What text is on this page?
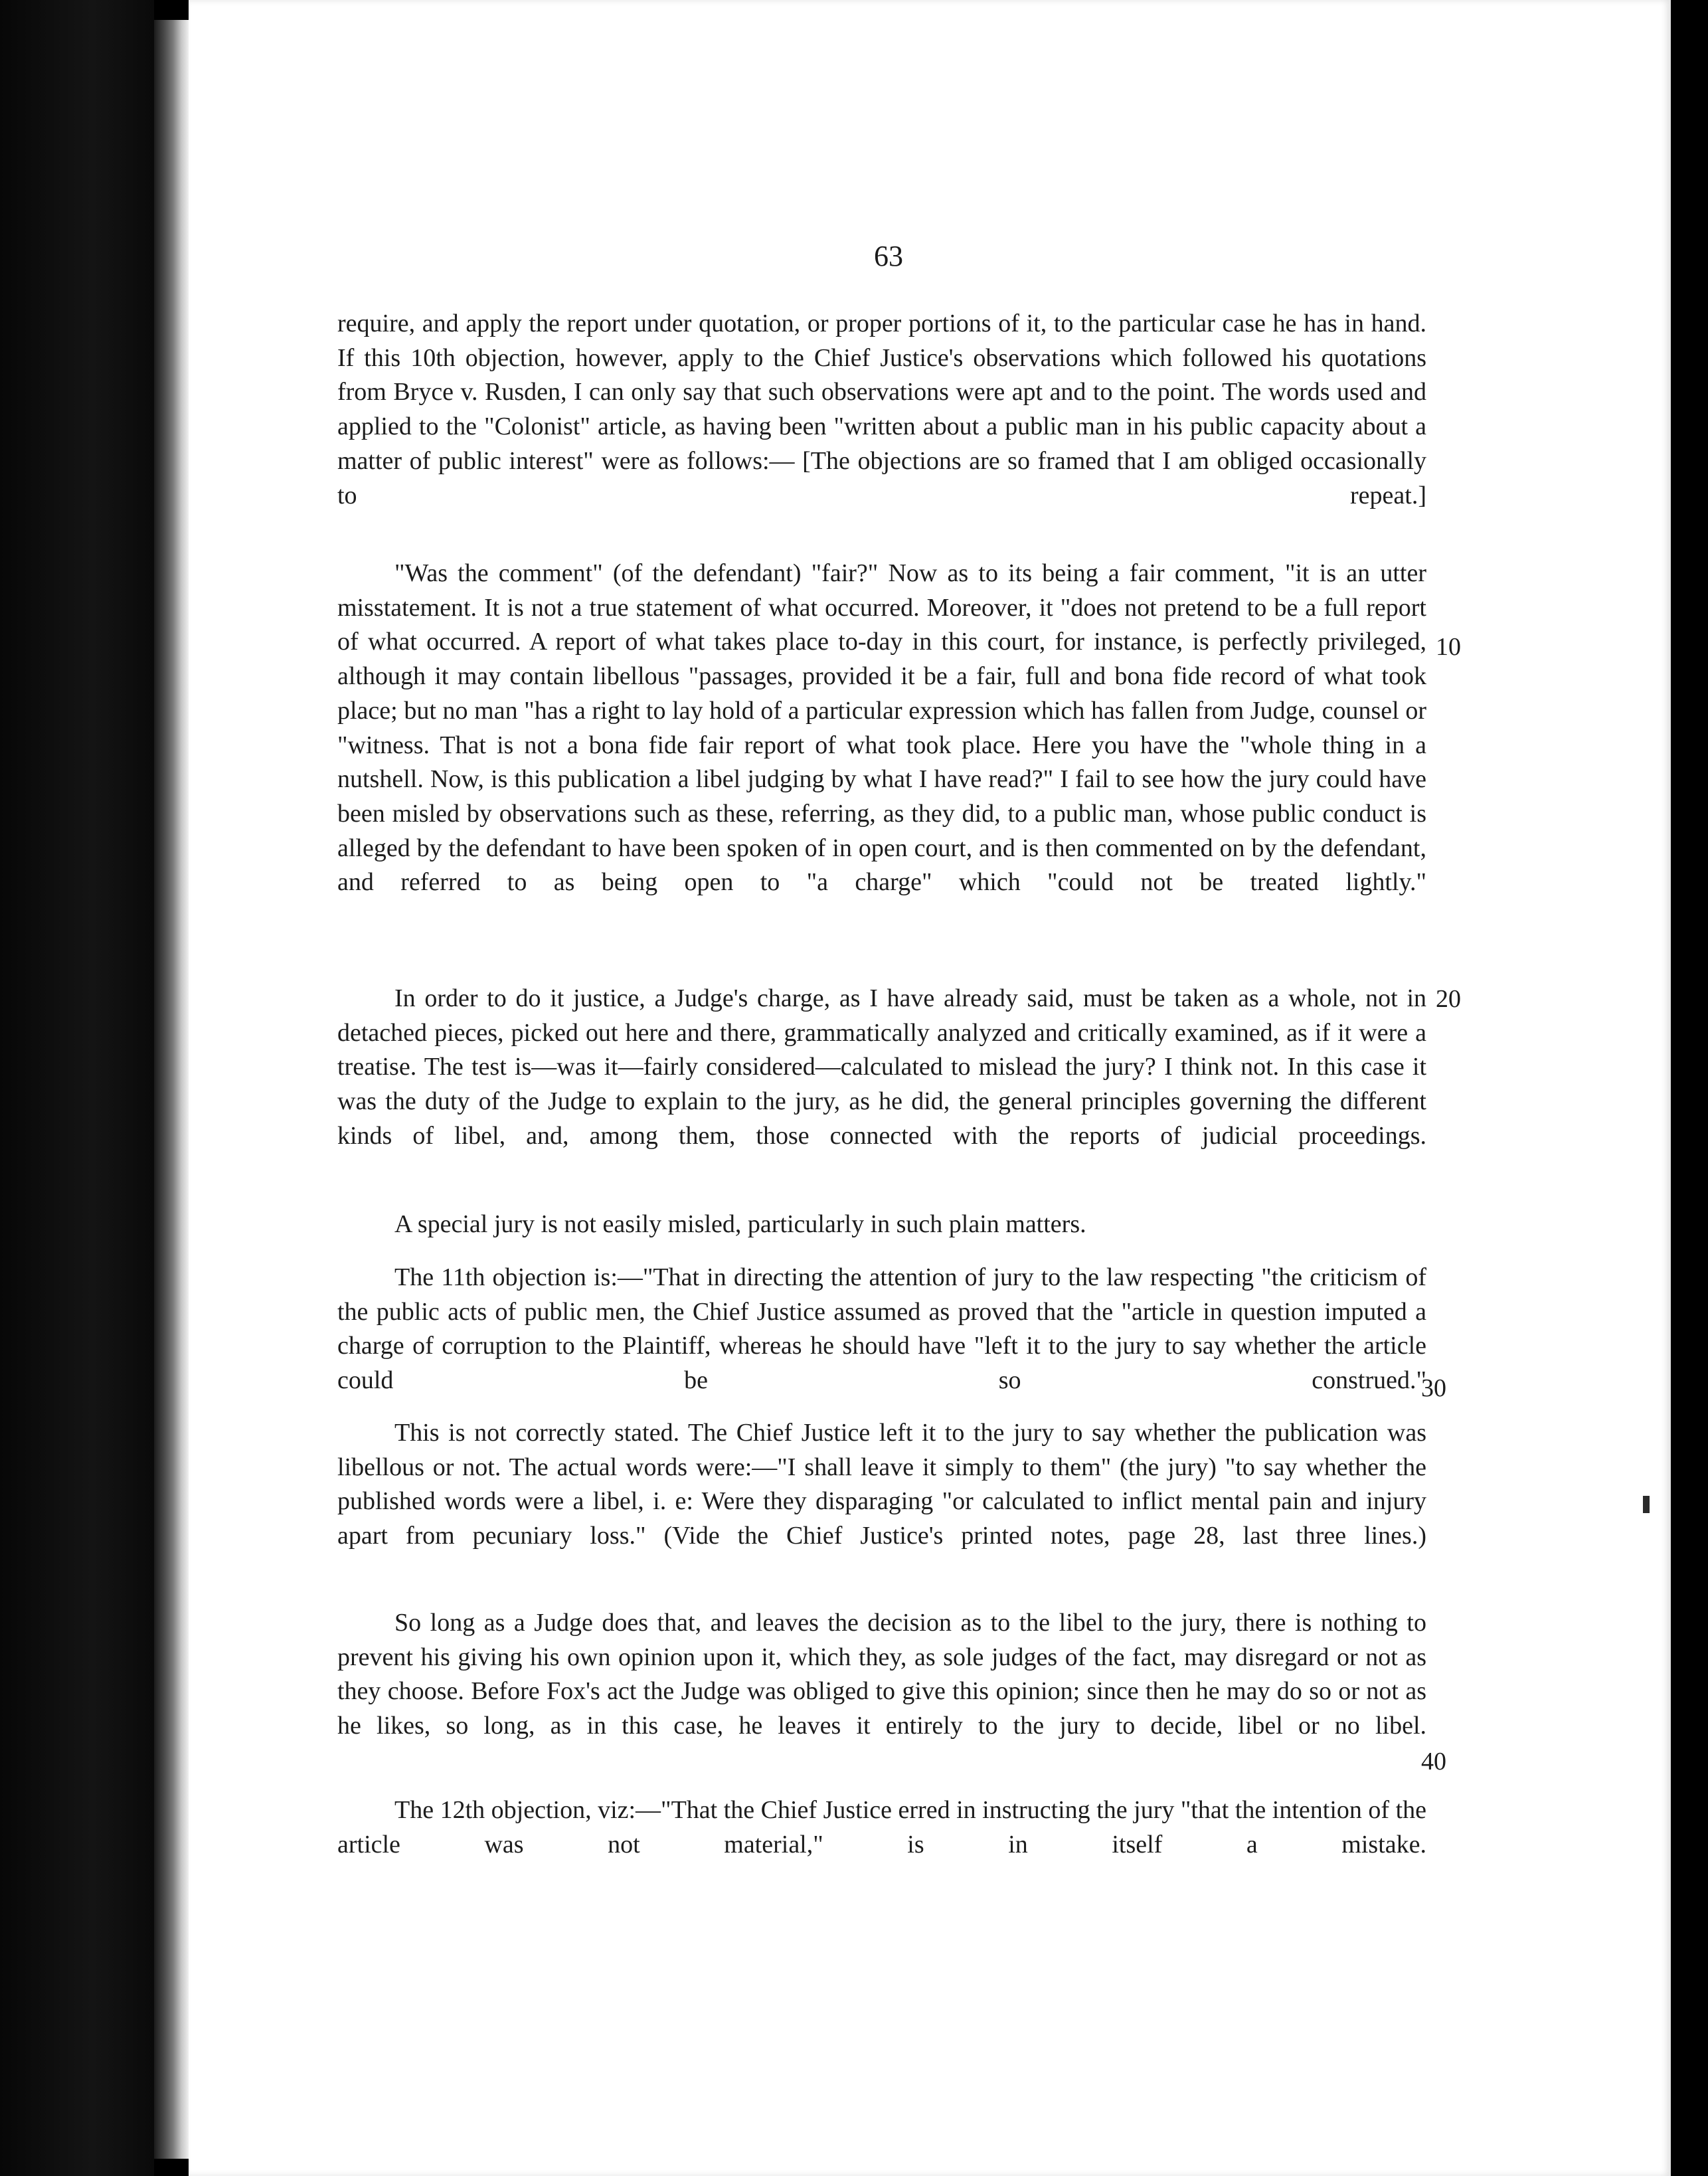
63

require, and apply the report under quotation, or proper portions of it, to the particular case he has in hand. If this 10th objection, however, apply to the Chief Justice's observations which followed his quotations from Bryce v. Rusden, I can only say that such observations were apt and to the point. The words used and applied to the "Colonist" article, as having been "written about a public man in his public capacity about a matter of public interest" were as follows:— [The objections are so framed that I am obliged occasionally to repeat.]

"Was the comment" (of the defendant) "fair?" Now as to its being a fair comment, "it is an utter misstatement. It is not a true statement of what occurred. Moreover, it "does not pretend to be a full report of what occurred. A report of what takes place to-day in this court, for instance, is perfectly privileged, although it may contain libellous "passages, provided it be a fair, full and bona fide record of what took place; but no man "has a right to lay hold of a particular expression which has fallen from Judge, counsel or "witness. That is not a bona fide fair report of what took place. Here you have the "whole thing in a nutshell. Now, is this publication a libel judging by what I have read?" I fail to see how the jury could have been misled by observations such as these, referring, as they did, to a public man, whose public conduct is alleged by the defendant to have been spoken of in open court, and is then commented on by the defendant, and referred to as being open to "a charge" which "could not be treated lightly."

In order to do it justice, a Judge's charge, as I have already said, must be taken as a whole, not in detached pieces, picked out here and there, grammatically analyzed and critically examined, as if it were a treatise. The test is—was it—fairly considered—calculated to mislead the jury? I think not. In this case it was the duty of the Judge to explain to the jury, as he did, the general principles governing the different kinds of libel, and, among them, those connected with the reports of judicial proceedings.

A special jury is not easily misled, particularly in such plain matters.

The 11th objection is:—"That in directing the attention of jury to the law respecting "the criticism of the public acts of public men, the Chief Justice assumed as proved that the "article in question imputed a charge of corruption to the Plaintiff, whereas he should have "left it to the jury to say whether the article could be so construed."

This is not correctly stated. The Chief Justice left it to the jury to say whether the publication was libellous or not. The actual words were:—"I shall leave it simply to them" (the jury) "to say whether the published words were a libel, i. e: Were they disparaging "or calculated to inflict mental pain and injury apart from pecuniary loss." (Vide the Chief Justice's printed notes, page 28, last three lines.)

So long as a Judge does that, and leaves the decision as to the libel to the jury, there is nothing to prevent his giving his own opinion upon it, which they, as sole judges of the fact, may disregard or not as they choose. Before Fox's act the Judge was obliged to give this opinion; since then he may do so or not as he likes, so long, as in this case, he leaves it entirely to the jury to decide, libel or no libel.

The 12th objection, viz:—"That the Chief Justice erred in instructing the jury "that the intention of the article was not material," is in itself a mistake.

10
20
30
40
